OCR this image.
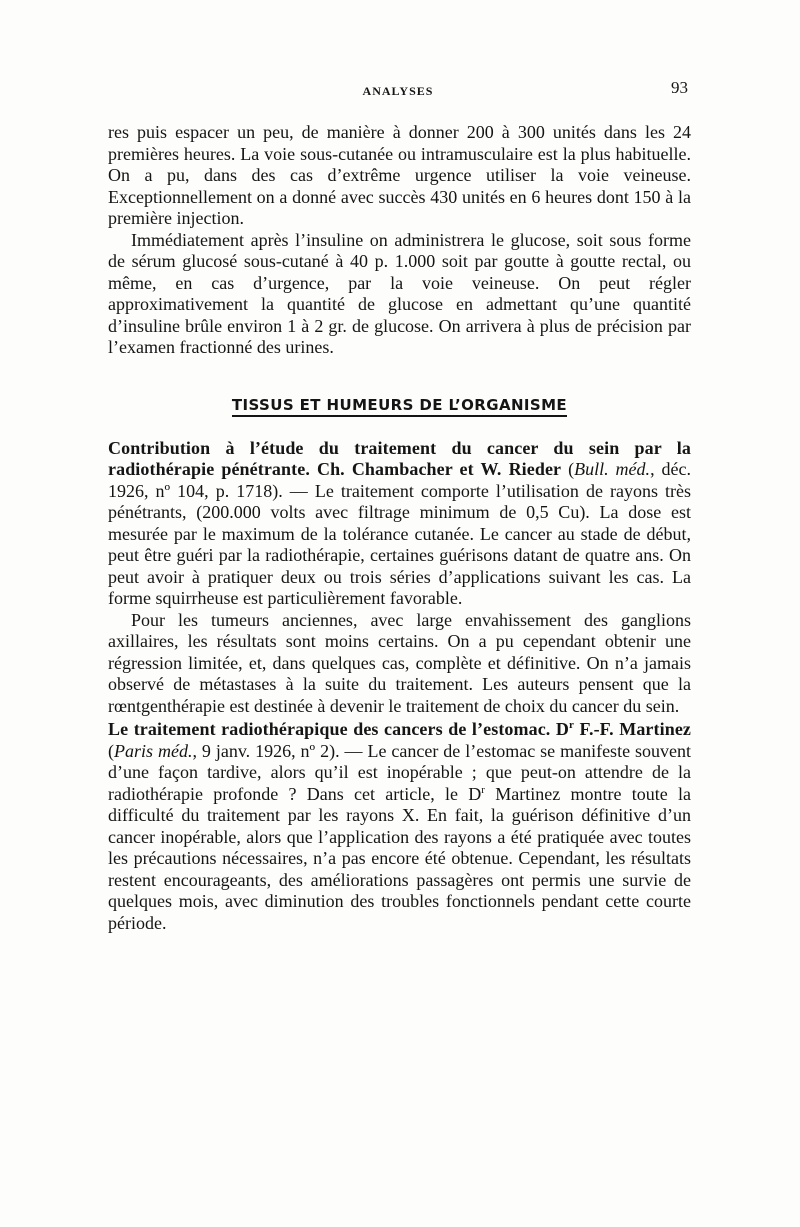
ANALYSES	93

res puis espacer un peu, de manière à donner 200 à 300 unités dans les 24 premières heures. La voie sous-cutanée ou intramusculaire est la plus habituelle. On a pu, dans des cas d’extrême urgence utiliser la voie veineuse. Exceptionnellement on a donné avec succès 430 unités en 6 heures dont 150 à la première injection.

Immédiatement après l’insuline on administrera le glucose, soit sous forme de sérum glucosé sous-cutané à 40 p. 1.000 soit par goutte à goutte rectal, ou même, en cas d’urgence, par la voie veineuse. On peut régler approximativement la quantité de glucose en admettant qu’une quantité d’insuline brûle environ 1 à 2 gr. de glucose. On arrivera à plus de précision par l’examen fractionné des urines.

TISSUS ET HUMEURS DE L’ORGANISME

Contribution à l’étude du traitement du cancer du sein par la radiothérapie pénétrante. Ch. Chambacher et W. Rieder (Bull. méd., déc. 1926, nº 104, p. 1718). — Le traitement comporte l’utilisation de rayons très pénétrants, (200.000 volts avec filtrage minimum de 0,5 Cu). La dose est mesurée par le maximum de la tolérance cutanée. Le cancer au stade de début, peut être guéri par la radiothérapie, certaines guérisons datant de quatre ans. On peut avoir à pratiquer deux ou trois séries d’applications suivant les cas. La forme squirrheuse est particulièrement favorable.

Pour les tumeurs anciennes, avec large envahissement des ganglions axillaires, les résultats sont moins certains. On a pu cependant obtenir une régression limitée, et, dans quelques cas, complète et définitive. On n’a jamais observé de métastases à la suite du traitement. Les auteurs pensent que la rœntgenthérapie est destinée à devenir le traitement de choix du cancer du sein.

Le traitement radiothérapique des cancers de l’estomac. $D^r$ F.-F. Martinez (Paris méd., 9 janv. 1926, nº 2). — Le cancer de l’estomac se manifeste souvent d’une façon tardive, alors qu’il est inopérable ; que peut-on attendre de la radiothérapie profonde ? Dans cet article, le $D^r$ Martinez montre toute la difficulté du traitement par les rayons X. En fait, la guérison définitive d’un cancer inopérable, alors que l’application des rayons a été pratiquée avec toutes les précautions nécessaires, n’a pas encore été obtenue. Cependant, les résultats restent encourageants, des améliorations passagères ont permis une survie de quelques mois, avec diminution des troubles fonctionnels pendant cette courte période.
